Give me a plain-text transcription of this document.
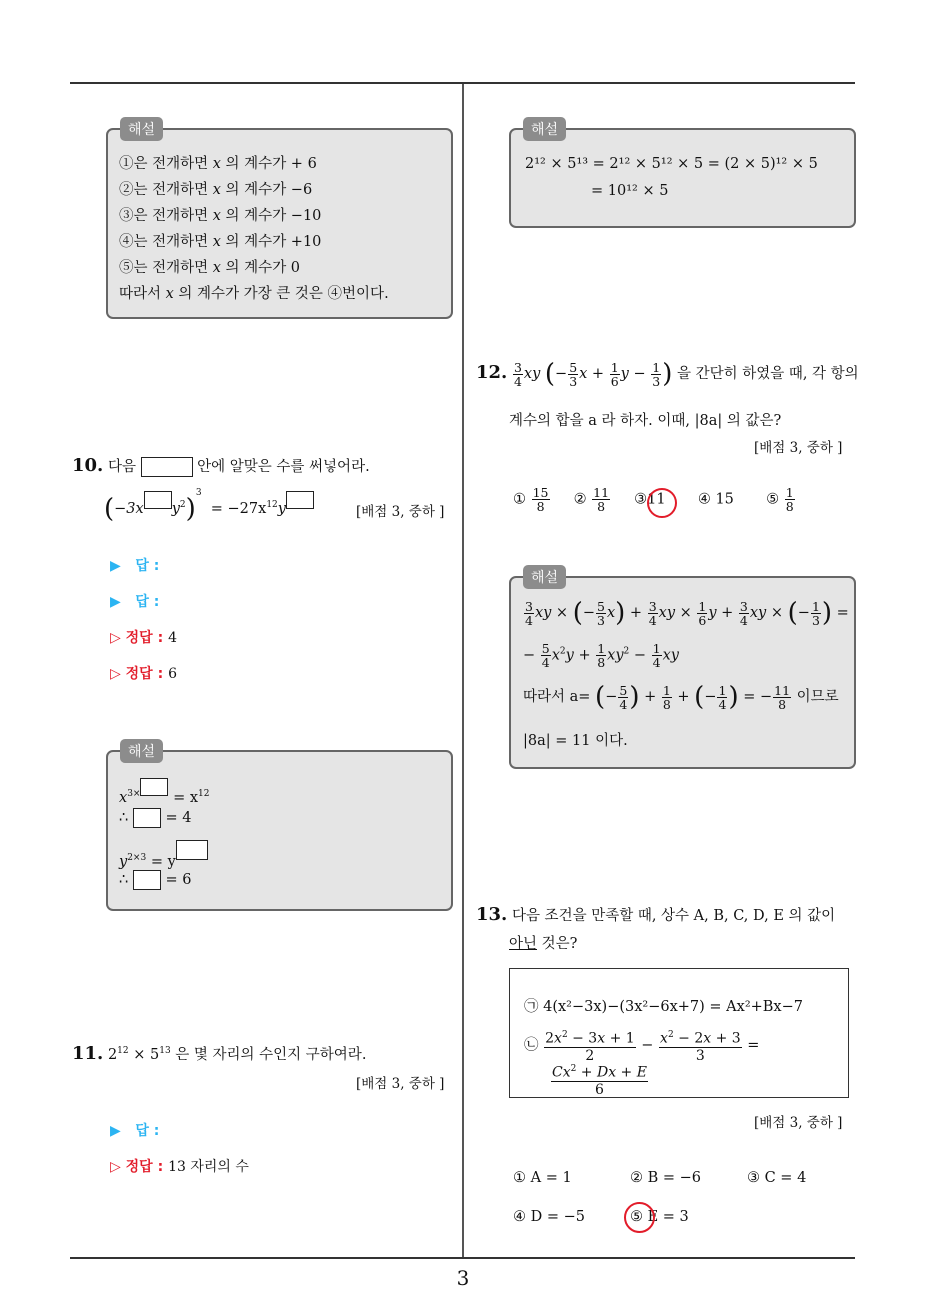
해설
①은 전개하면 x 의 계수가 + 6
②는 전개하면 x 의 계수가 −6
③은 전개하면 x 의 계수가 −10
④는 전개하면 x 의 계수가 +10
⑤는 전개하면 x 의 계수가 0
따라서 x 의 계수가 가장 큰 것은 ④번이다.
10. 다음	안에 알맞은 수를 써넣어라.
(−3x $y^2)^3 = -27x^{12}y$	[배점 3, 중하 ]
▶ 답 :
▶ 답 :
▷ 정답 : 4
▷ 정답 : 6
해설
$x^{3\times} = x^{12}$
∴	= 4
$y^{2\times 3} = y$
∴	= 6
11. $2^{12} \times 5^{13}$ 은 몇 자리의 수인지 구하여라.
[배점 3, 중하 ]
▶ 답 :
▷ 정답 : 13 자리의 수
해설
2¹² × 5¹³ = 2¹² × 5¹² × 5 = (2 × 5)¹² × 5
= 10¹² × 5
12. $\frac{3}{4}$ xy (− $\frac{5}{3}$ $x + \frac{1}{6}$ $y - \frac{1}{3}$ ) 을 간단히 하였을 때, 각 항의
계수의 합을 a 라 하자. 이때, |8a| 의 값은?
[배점 3, 중하 ]
① $\frac{15}{8}$ ② $\frac{11}{8}$ ③11 ④ 15 ⑤ $\frac{1}{8}$
해설
$\frac{3}{4}$ xy × (− $\frac{5}{3} x) + \frac{3}{4}$ xy × $\frac{1}{6}$ $y + \frac{3}{4}$ xy × (− $\frac{1}{3}$ ) =
− $\frac{5}{4} x^2y + \frac{1}{8} xy^2 - \frac{1}{4}$ xy
따라서 a= (− $\frac{5}{4}$ ) + $\frac{1}{8}$ + (− $\frac{1}{4}$ ) = − $\frac{11}{8}$ 이므로
|8a| = 11 이다.
13. 다음 조건을 만족할 때, 상수 A, B, C, D, E 의 값이
아닌 것은?
㉠ 4(x²−3x)−(3x²−6x+7) = Ax²+Bx−7
㉡ $\frac{2x^2 - 3x + 1}{2} - \frac{x^2 - 2x + 3}{3}$ =
$\frac{Cx^2 + Dx + E}{6}$
[배점 3, 중하 ]
① A = 1	② B = −6	③ C = 4
④ D = −5	⑤ E = 3
3
